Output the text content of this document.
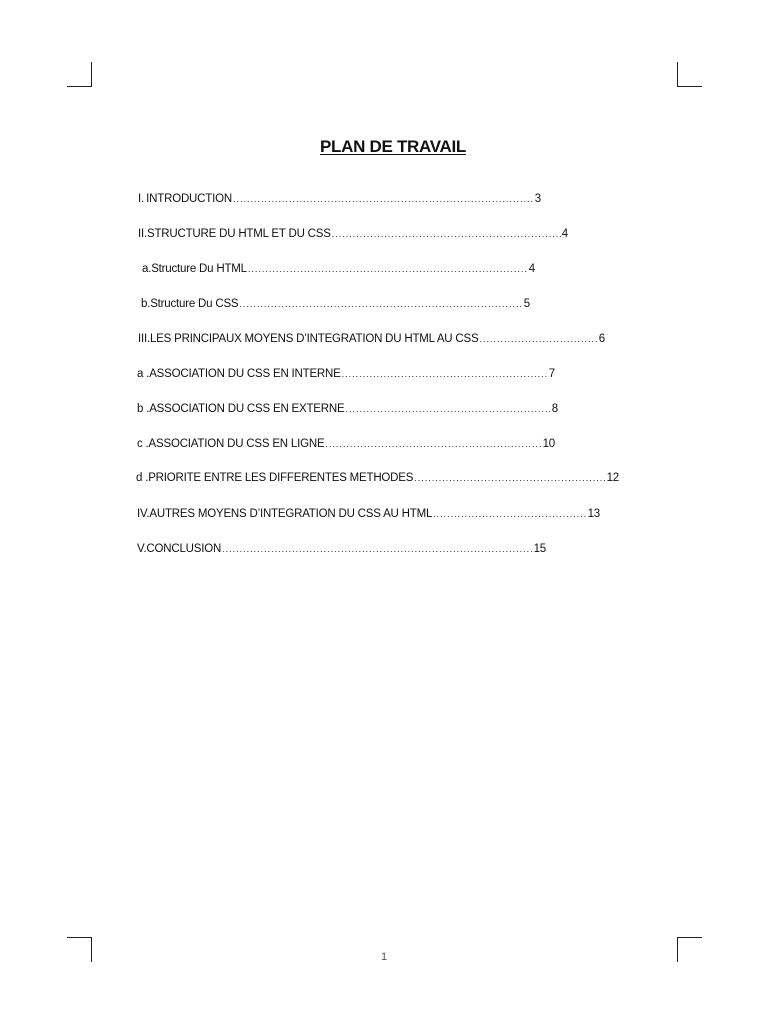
PLAN DE TRAVAIL
I. INTRODUCTION .....	3
II. STRUCTURE DU HTML ET DU CSS .....	4
a. Structure Du HTML .....	4
b. Structure Du CSS .....	5
III. LES PRINCIPAUX MOYENS D’INTEGRATION DU HTML AU CSS .....	6
a . ASSOCIATION DU CSS EN INTERNE .....	7
b . ASSOCIATION DU CSS EN EXTERNE .....	8
c . ASSOCIATION DU CSS EN LIGNE .....	10
d . PRIORITE ENTRE LES DIFFERENTES METHODES .....	12
IV. AUTRES MOYENS D’INTEGRATION DU CSS AU HTML .....	13
V. CONCLUSION .....	15
1
